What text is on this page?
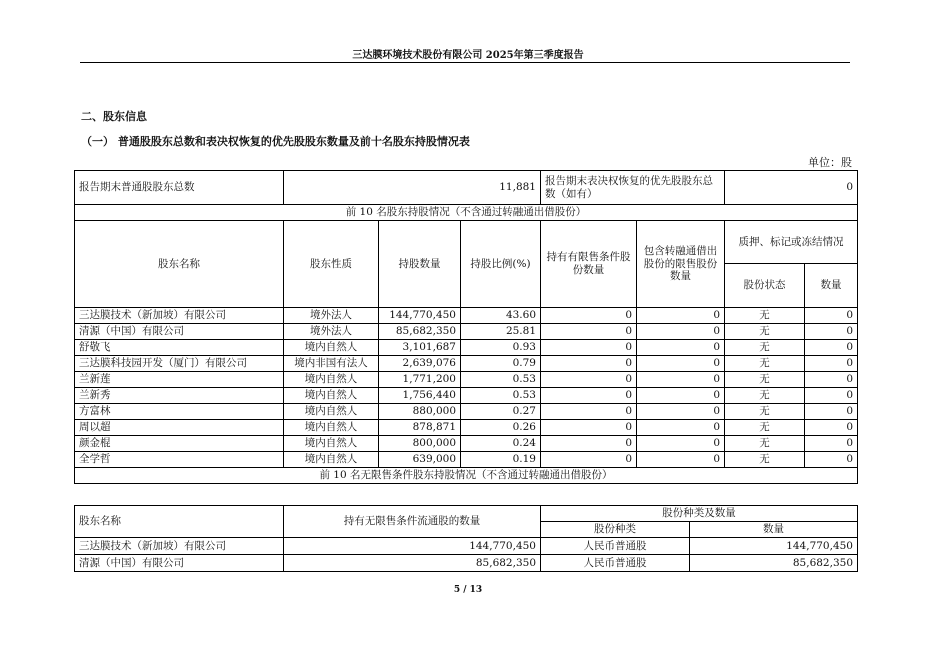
三达膜环境技术股份有限公司 2025年第三季度报告
二、股东信息
（一） 普通股股东总数和表决权恢复的优先股股东数量及前十名股东持股情况表
单位：股
报告期末普通股股东总数	11,881			报告期末表决权恢复的优先股股东总数（如有）		0	
前 10 名股东持股情况（不含通过转融通出借股份）							
股东名称	股东性质	持股数量	持股比例(%)	持有有限售条件股份数量	包含转融通借出股份的限售股份数量	质押、标记或冻结情况	
						股份状态	数量
三达膜技术（新加坡）有限公司	境外法人	144,770,450	43.60	0	0	无	0
清源（中国）有限公司	境外法人	85,682,350	25.81	0	0	无	0
舒敬飞	境内自然人	3,101,687	0.93	0	0	无	0
三达膜科技园开发（厦门）有限公司	境内非国有法人	2,639,076	0.79	0	0	无	0
兰新莲	境内自然人	1,771,200	0.53	0	0	无	0
兰新秀	境内自然人	1,756,440	0.53	0	0	无	0
方富林	境内自然人	880,000	0.27	0	0	无	0
周以超	境内自然人	878,871	0.26	0	0	无	0
颜金棍	境内自然人	800,000	0.24	0	0	无	0
全学哲	境内自然人	639,000	0.19	0	0	无	0
前 10 名无限售条件股东持股情况（不含通过转融通出借股份）							
股东名称	持有无限售条件流通股的数量	股份种类及数量	
		股份种类	数量
三达膜技术（新加坡）有限公司	144,770,450	人民币普通股	144,770,450
清源（中国）有限公司	85,682,350	人民币普通股	85,682,350
5 / 13
